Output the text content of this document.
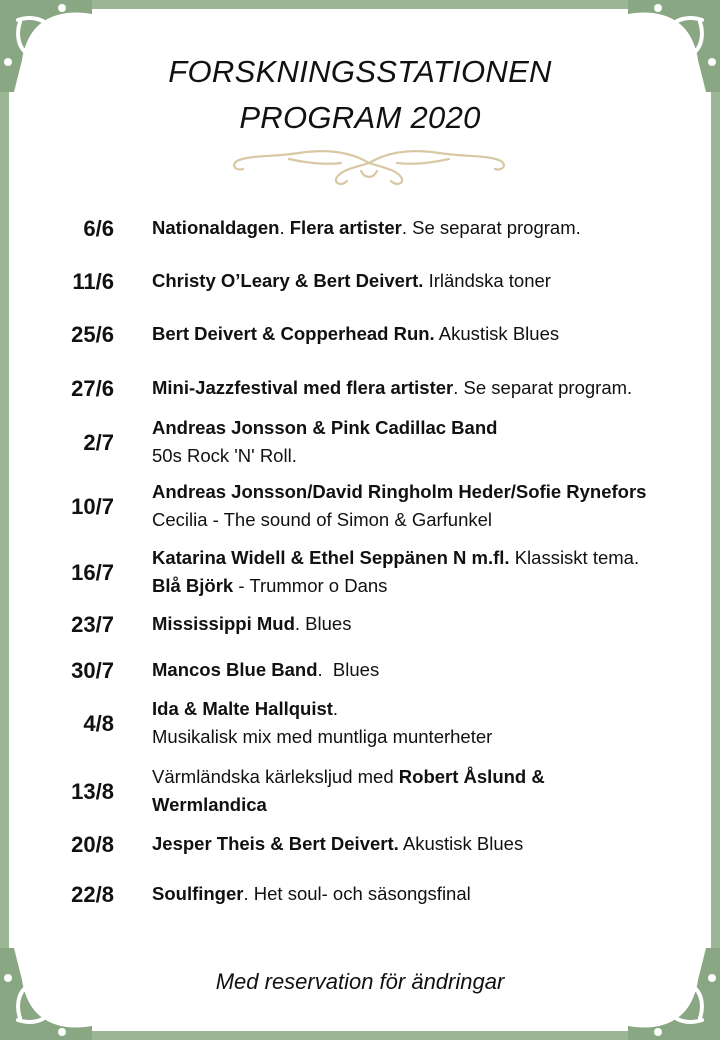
FORSKNINGSSTATIONEN
PROGRAM 2020
6/6 Nationaldagen. Flera artister. Se separat program.
11/6 Christy O’Leary & Bert Deivert. Irländska toner
25/6 Bert Deivert & Copperhead Run. Akustisk Blues
27/6 Mini-Jazzfestival med flera artister. Se separat program.
2/7
Andreas Jonsson & Pink Cadillac Band
50s Rock 'N' Roll.
10/7
Andreas Jonsson/David Ringholm Heder/Sofie Rynefors
Cecilia - The sound of Simon & Garfunkel
16/7
Katarina Widell & Ethel Seppänen N m.fl. Klassiskt tema.
Blå Björk - Trummor o Dans
23/7 Mississippi Mud. Blues
30/7 Mancos Blue Band.  Blues
4/8
Ida & Malte Hallquist.
Musikalisk mix med muntliga munterheter
13/8
Värmländska kärleksljud med Robert Åslund &
Wermlandica
20/8 Jesper Theis & Bert Deivert. Akustisk Blues
22/8 Soulfinger. Het soul- och säsongsfinal
Med reservation för ändringar
